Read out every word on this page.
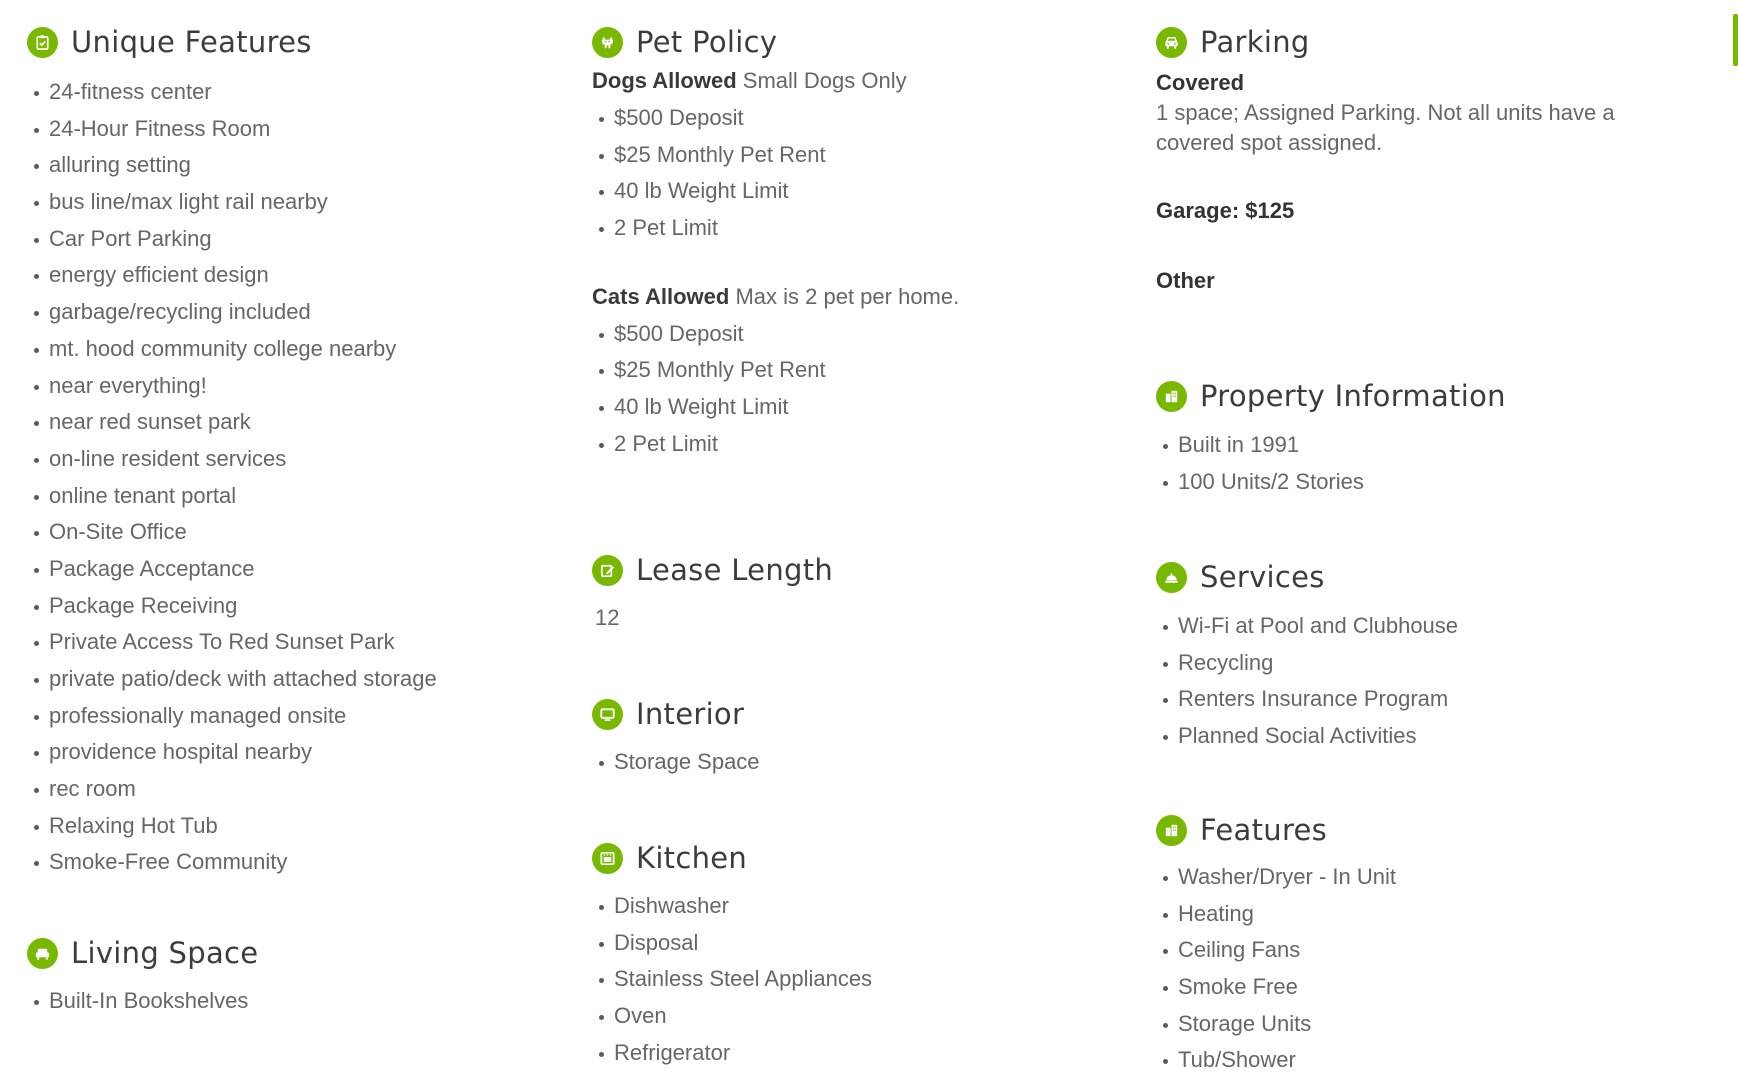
Unique Features
24-fitness center
24-Hour Fitness Room
alluring setting
bus line/max light rail nearby
Car Port Parking
energy efficient design
garbage/recycling included
mt. hood community college nearby
near everything!
near red sunset park
on-line resident services
online tenant portal
On-Site Office
Package Acceptance
Package Receiving
Private Access To Red Sunset Park
private patio/deck with attached storage
professionally managed onsite
providence hospital nearby
rec room
Relaxing Hot Tub
Smoke-Free Community
Living Space
Built-In Bookshelves
Pet Policy
Dogs Allowed Small Dogs Only
$500 Deposit
$25 Monthly Pet Rent
40 lb Weight Limit
2 Pet Limit
Cats Allowed Max is 2 pet per home.
$500 Deposit
$25 Monthly Pet Rent
40 lb Weight Limit
2 Pet Limit
Lease Length
12
Interior
Storage Space
Kitchen
Dishwasher
Disposal
Stainless Steel Appliances
Oven
Refrigerator
Parking
Covered
1 space; Assigned Parking. Not all units have a covered spot assigned.
Garage: $125
Other
Property Information
Built in 1991
100 Units/2 Stories
Services
Wi-Fi at Pool and Clubhouse
Recycling
Renters Insurance Program
Planned Social Activities
Features
Washer/Dryer - In Unit
Heating
Ceiling Fans
Smoke Free
Storage Units
Tub/Shower
